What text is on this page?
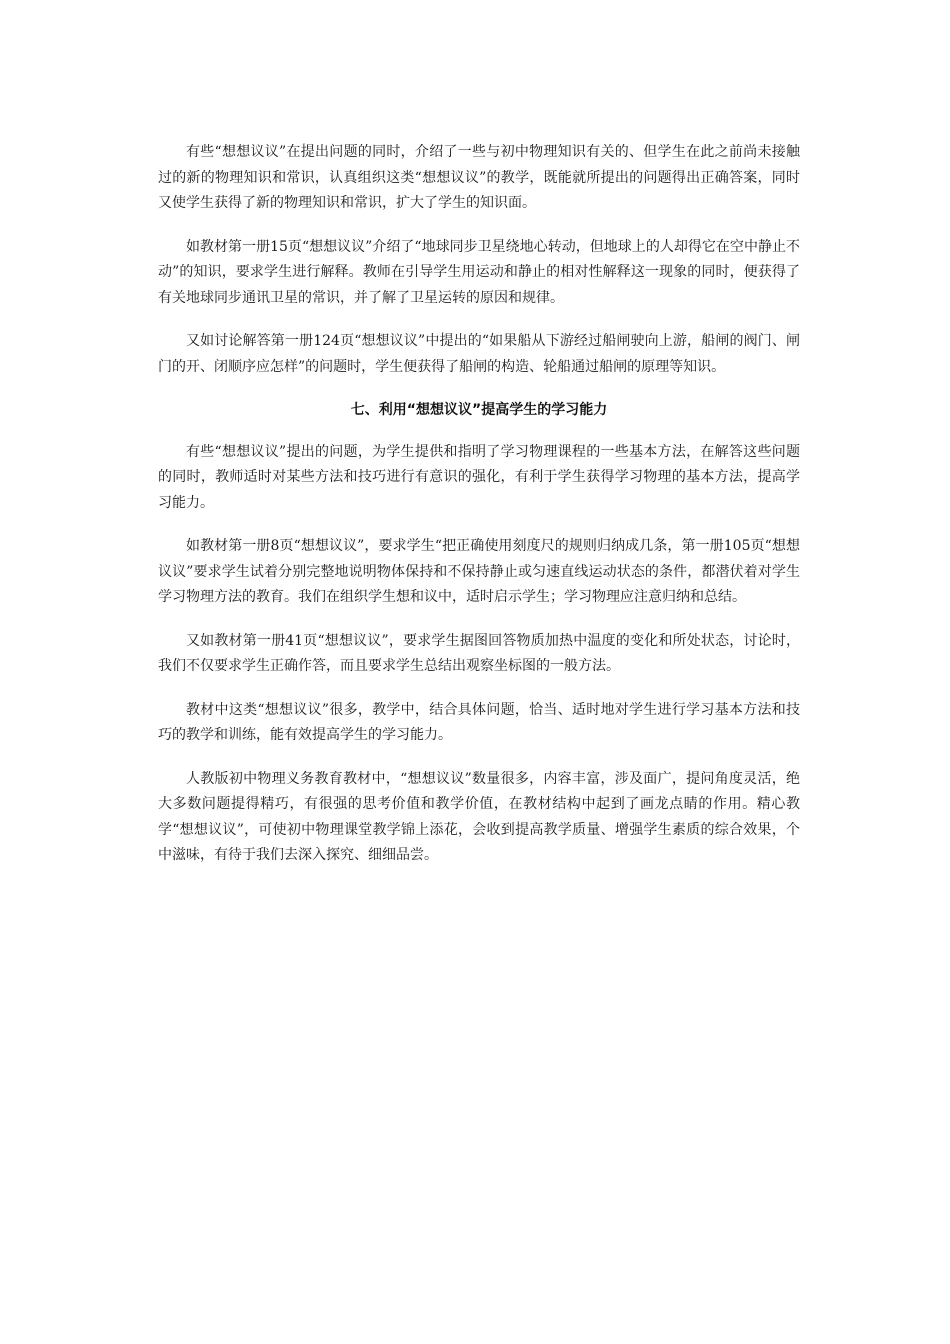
有些“想想议议”在提出问题的同时，介绍了一些与初中物理知识有关的、但学生在此之前尚未接触过的新的物理知识和常识，认真组织这类“想想议议”的教学，既能就所提出的问题得出正确答案，同时又使学生获得了新的物理知识和常识，扩大了学生的知识面。

如教材第一册15页“想想议议”介绍了“地球同步卫星绕地心转动，但地球上的人却得它在空中静止不动”的知识，要求学生进行解释。教师在引导学生用运动和静止的相对性解释这一现象的同时，便获得了有关地球同步通讯卫星的常识，并了解了卫星运转的原因和规律。

又如讨论解答第一册124页“想想议议”中提出的“如果船从下游经过船闸驶向上游，船闸的阀门、闸门的开、闭顺序应怎样”的问题时，学生便获得了船闸的构造、轮船通过船闸的原理等知识。

七、利用“想想议议”提高学生的学习能力

有些“想想议议”提出的问题，为学生提供和指明了学习物理课程的一些基本方法，在解答这些问题的同时，教师适时对某些方法和技巧进行有意识的强化，有利于学生获得学习物理的基本方法，提高学习能力。

如教材第一册8页“想想议议”，要求学生“把正确使用刻度尺的规则归纳成几条，第一册105页“想想议议”要求学生试着分别完整地说明物体保持和不保持静止或匀速直线运动状态的条件，都潜伏着对学生学习物理方法的教育。我们在组织学生想和议中，适时启示学生；学习物理应注意归纳和总结。

又如教材第一册41页“想想议议”，要求学生据图回答物质加热中温度的变化和所处状态，讨论时，我们不仅要求学生正确作答，而且要求学生总结出观察坐标图的一般方法。

教材中这类“想想议议”很多，教学中，结合具体问题，恰当、适时地对学生进行学习基本方法和技巧的教学和训练，能有效提高学生的学习能力。

人教版初中物理义务教育教材中，“想想议议”数量很多，内容丰富，涉及面广，提问角度灵活，绝大多数问题提得精巧，有很强的思考价值和教学价值，在教材结构中起到了画龙点睛的作用。精心教学“想想议议”，可使初中物理课堂教学锦上添花，会收到提高教学质量、增强学生素质的综合效果，个中滋味，有待于我们去深入探究、细细品尝。
